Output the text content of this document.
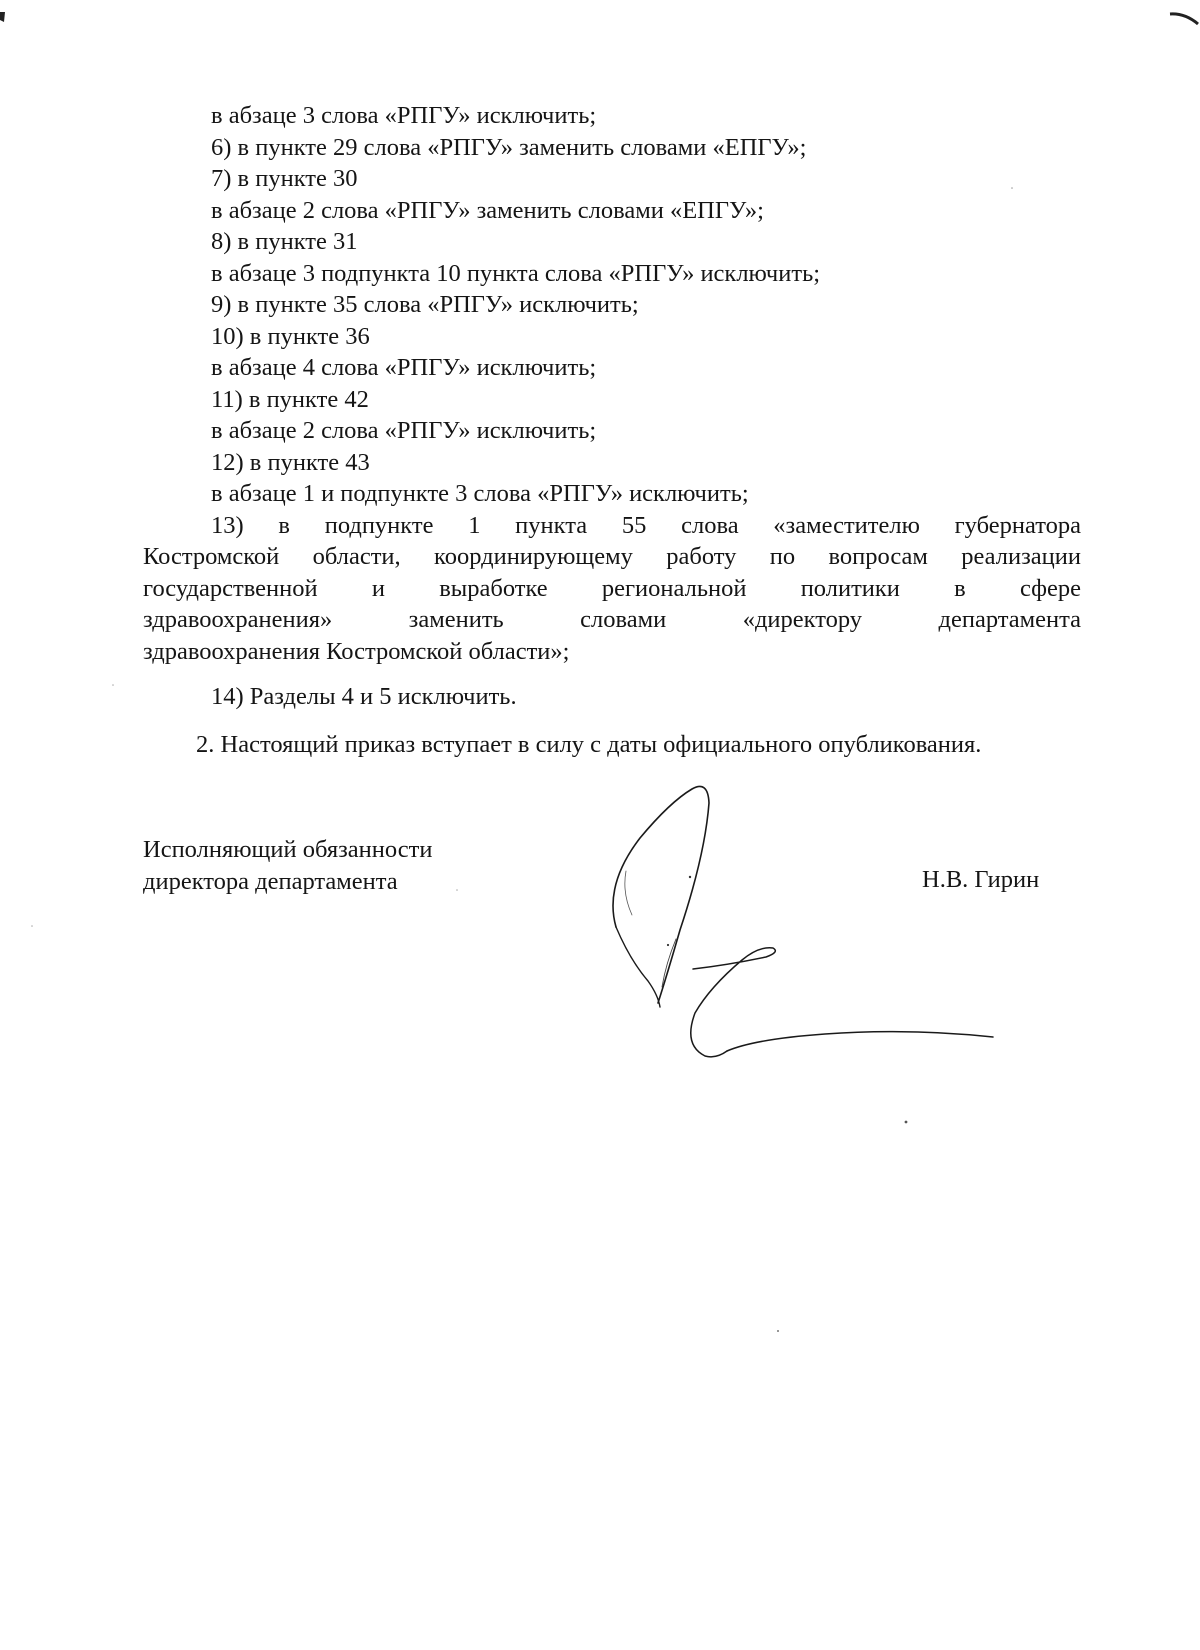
в абзаце 3 слова «РПГУ» исключить;
6) в пункте 29 слова «РПГУ» заменить словами «ЕПГУ»;
7) в пункте 30
в абзаце 2 слова «РПГУ» заменить словами «ЕПГУ»;
8) в пункте 31
в абзаце 3 подпункта 10 пункта слова «РПГУ» исключить;
9) в пункте 35 слова «РПГУ» исключить;
10) в пункте 36
в абзаце 4 слова «РПГУ» исключить;
11) в пункте 42
в абзаце 2 слова «РПГУ» исключить;
12) в пункте 43
в абзаце 1 и подпункте 3 слова «РПГУ» исключить;
13) в подпункте 1 пункта 55 слова «заместителю губернатора
Костромской области, координирующему работу по вопросам реализации
государственной и выработке региональной политики в сфере
здравоохранения» заменить словами «директору департамента
здравоохранения Костромской области»;
14) Разделы 4 и 5 исключить.
2. Настоящий приказ вступает в силу с даты официального опубликования.
Исполняющий обязанности
директора департамента	Н.В. Гирин
